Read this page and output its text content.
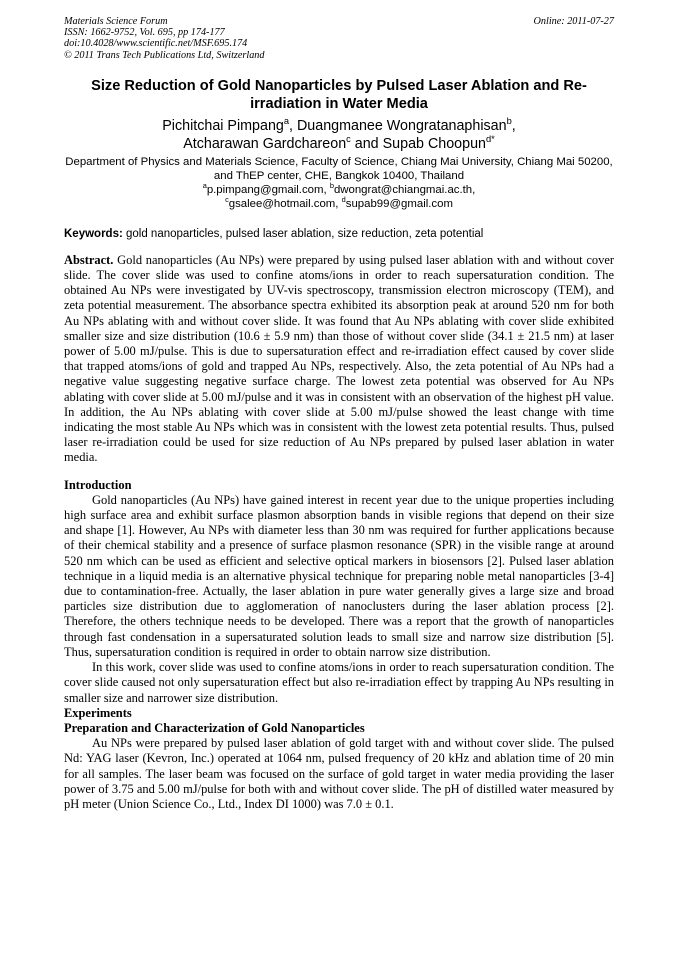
Materials Science Forum
ISSN: 1662-9752, Vol. 695, pp 174-177
doi:10.4028/www.scientific.net/MSF.695.174
© 2011 Trans Tech Publications Ltd, Switzerland
Online: 2011-07-27
Size Reduction of Gold Nanoparticles by Pulsed Laser Ablation and Re-irradiation in Water Media
Pichitchai Pimpang$^a$, Duangmanee Wongratanaphisan$^b$,
Atcharawan Gardchareon$^c$ and Supab Choopun$^{d*}$
Department of Physics and Materials Science, Faculty of Science, Chiang Mai University, Chiang Mai 50200, and ThEP center, CHE, Bangkok 10400, Thailand
$^a$p.pimpang@gmail.com, $^b$dwongrat@chiangmai.ac.th,
$^c$gsalee@hotmail.com, $^d$supab99@gmail.com
Keywords: gold nanoparticles, pulsed laser ablation, size reduction, zeta potential
Abstract. Gold nanoparticles (Au NPs) were prepared by using pulsed laser ablation with and without cover slide. The cover slide was used to confine atoms/ions in order to reach supersaturation condition. The obtained Au NPs were investigated by UV-vis spectroscopy, transmission electron microscopy (TEM), and zeta potential measurement. The absorbance spectra exhibited its absorption peak at around 520 nm for both Au NPs ablating with and without cover slide. It was found that Au NPs ablating with cover slide exhibited smaller size and size distribution (10.6 ± 5.9 nm) than those of without cover slide (34.1 ± 21.5 nm) at laser power of 5.00 mJ/pulse. This is due to supersaturation effect and re-irradiation effect caused by cover slide that trapped atoms/ions of gold and trapped Au NPs, respectively. Also, the zeta potential of Au NPs had a negative value suggesting negative surface charge. The lowest zeta potential was observed for Au NPs ablating with cover slide at 5.00 mJ/pulse and it was in consistent with an observation of the highest pH value. In addition, the Au NPs ablating with cover slide at 5.00 mJ/pulse showed the least change with time indicating the most stable Au NPs which was in consistent with the lowest zeta potential results. Thus, pulsed laser re-irradiation could be used for size reduction of Au NPs prepared by pulsed laser ablation in water media.
Introduction

Gold nanoparticles (Au NPs) have gained interest in recent year due to the unique properties including high surface area and exhibit surface plasmon absorption bands in visible regions that depend on their size and shape [1]. However, Au NPs with diameter less than 30 nm was required for further applications because of their chemical stability and a presence of surface plasmon resonance (SPR) in the visible range at around 520 nm which can be used as efficient and selective optical markers in biosensors [2]. Pulsed laser ablation technique in a liquid media is an alternative physical technique for preparing noble metal nanoparticles [3-4] due to contamination-free. Actually, the laser ablation in pure water generally gives a large size and broad particles size distribution due to agglomeration of nanoclusters during the laser ablation process [2]. Therefore, the others technique needs to be developed. There was a report that the growth of nanoparticles through fast condensation in a supersaturated solution leads to small size and narrow size distribution [5]. Thus, supersaturation condition is required in order to obtain narrow size distribution.

In this work, cover slide was used to confine atoms/ions in order to reach supersaturation condition. The cover slide caused not only supersaturation effect but also re-irradiation effect by trapping Au NPs resulting in smaller size and narrower size distribution.

Experiments
Preparation and Characterization of Gold Nanoparticles

Au NPs were prepared by pulsed laser ablation of gold target with and without cover slide. The pulsed Nd: YAG laser (Kevron, Inc.) operated at 1064 nm, pulsed frequency of 20 kHz and ablation time of 20 min for all samples. The laser beam was focused on the surface of gold target in water media providing the laser power of 3.75 and 5.00 mJ/pulse for both with and without cover slide. The pH of distilled water measured by pH meter (Union Science Co., Ltd., Index DI 1000) was 7.0 ± 0.1.
